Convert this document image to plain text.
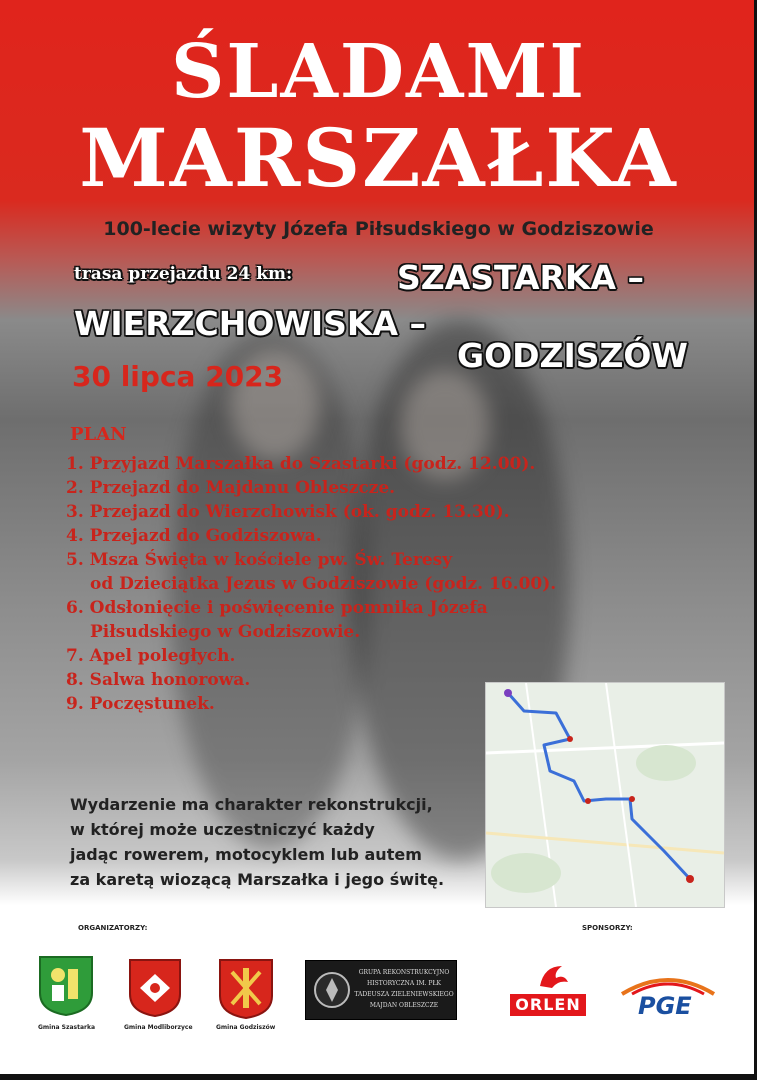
ŚLADAMI
MARSZAŁKA
100-lecie wizyty Józefa Piłsudskiego w Godziszowie
trasa przejazdu 24 km:	SZASTARKA –
WIERZCHOWISKA –
GODZISZÓW
30 lipca 2023
PLAN
1. Przyjazd Marszałka do Szastarki (godz. 12.00).
2. Przejazd do Majdanu Obleszcze.
3. Przejazd do Wierzchowisk (ok. godz. 13.30).
4. Przejazd do Godziszowa.
5. Msza Święta w kościele pw. Św. Teresy
od Dzieciątka Jezus w Godziszowie (godz. 16.00).
6. Odsłonięcie i poświęcenie pomnika Józefa
Piłsudskiego w Godziszowie.
7. Apel poległych.
8. Salwa honorowa.
9. Poczęstunek.
Wydarzenie ma charakter rekonstrukcji,
w której może uczestniczyć każdy
jadąc rowerem, motocyklem lub autem
za karetą wiozącą Marszałka i jego świtę.
ORGANIZATORZY:
Gmina Szastarka	Gmina Modliborzyce	Gmina Godziszów
GRUPA REKONSTRUKCYJNO
HISTORYCZNA IM. PŁK
TADEUSZA ZIELENIEWSKIEGO
MAJDAN OBLESZCZE
SPONSORZY:
ORLEN PGE
